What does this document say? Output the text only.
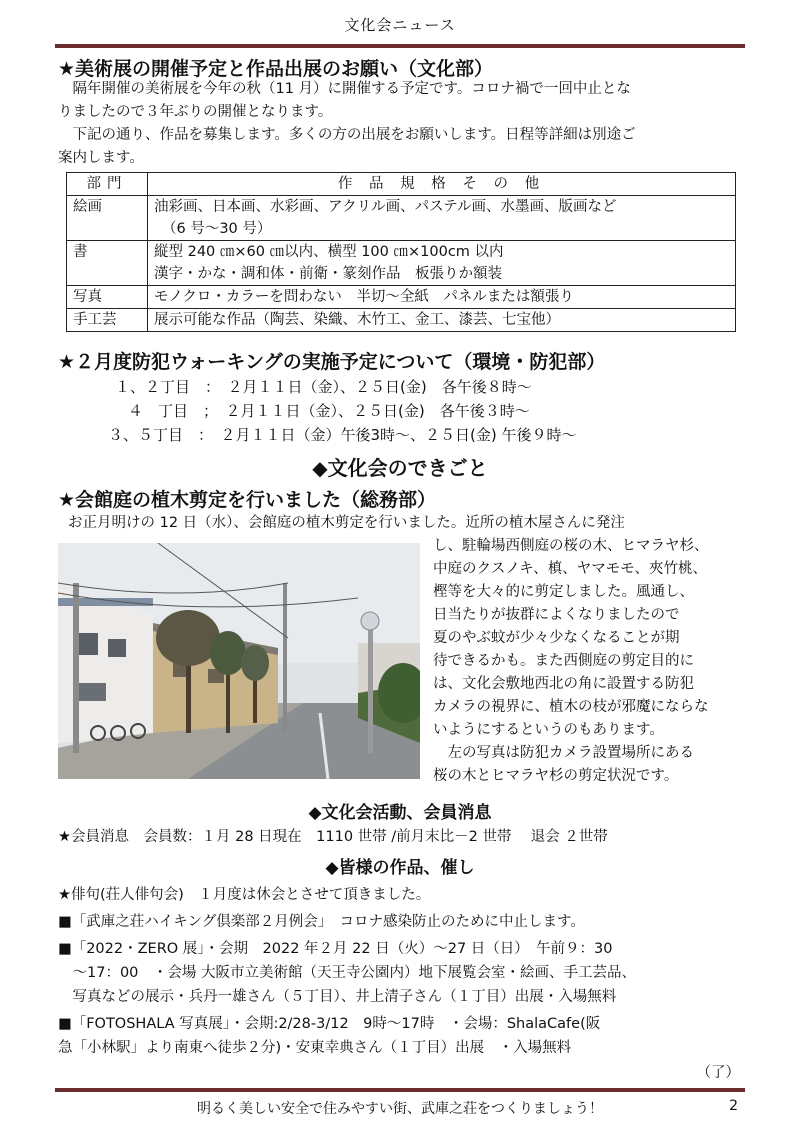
文化会ニュース
★美術展の開催予定と作品出展のお願い（文化部）
　隔年開催の美術展を今年の秋（11 月）に開催する予定です。コロナ禍で一回中止とな
りましたので３年ぶりの開催となります。
　下記の通り、作品を募集します。多くの方の出展をお願いします。日程等詳細は別途ご
案内します。
部門	作 品 規 格 そ の 他
絵画	油彩画、日本画、水彩画、アクリル画、パステル画、水墨画、版画など
（6 号～30 号）

書	縦型 240 ㎝×60 ㎝以内、横型 100 ㎝×100cm 以内
漢字・かな・調和体・前衛・篆刻作品　板張りか額装

写真	モノクロ・カラーを問わない　半切～全紙　パネルまたは額張り
手工芸	展示可能な作品（陶芸、染織、木竹工、金工、漆芸、七宝他）
★２月度防犯ウォーキングの実施予定について（環境・防犯部）
１、２丁目　：　２月１１日（金）、２５日(金)　各午後８時～
４　丁目　；　２月１１日（金）、２５日(金)　各午後３時～
３、５丁目　：　２月１１日（金）午後3時～、２５日(金) 午後９時～
◆文化会のできごと
★会館庭の植木剪定を行いました（総務部）
お正月明けの 12 日（水）、会館庭の植木剪定を行いました。近所の植木屋さんに発注
し、駐輪場西側庭の桜の木、ヒマラヤ杉、
中庭のクスノキ、槙、ヤマモモ、夾竹桃、
樫等を大々的に剪定しました。風通し、
日当たりが抜群によくなりましたので
夏のやぶ蚊が少々少なくなることが期
待できるかも。また西側庭の剪定目的に
は、文化会敷地西北の角に設置する防犯
カメラの視界に、植木の枝が邪魔にならな
いようにするというのもあります。
　左の写真は防犯カメラ設置場所にある
桜の木とヒマラヤ杉の剪定状況です。
◆文化会活動、会員消息
★会員消息　会員数：１月 28 日現在　1110 世帯 /前月末比－2 世帯　 退会 ２世帯
◆皆様の作品、催し
★俳句(荘人俳句会)　１月度は休会とさせて頂きました。
■「武庫之荘ハイキング倶楽部２月例会」　コロナ感染防止のために中止します。
■「2022・ZERO 展」・会期　2022 年２月 22 日（火）～27 日（日）　午前９：30
　～17：00　・会場 大阪市立美術館（天王寺公園内）地下展覧会室・絵画、手工芸品、
　写真などの展示・兵丹一雄さん（５丁目）、井上清子さん（１丁目）出展・入場無料
■「FOTOSHALA 写真展」・会期:2/28-3/12　9時～17時　・会場：ShalaCafe(阪
急「小林駅」より南東へ徒歩２分)・安東幸典さん（１丁目）出展　・入場無料
（了）
明るく美しい安全で住みやすい街、武庫之荘をつくりましょう！	2
